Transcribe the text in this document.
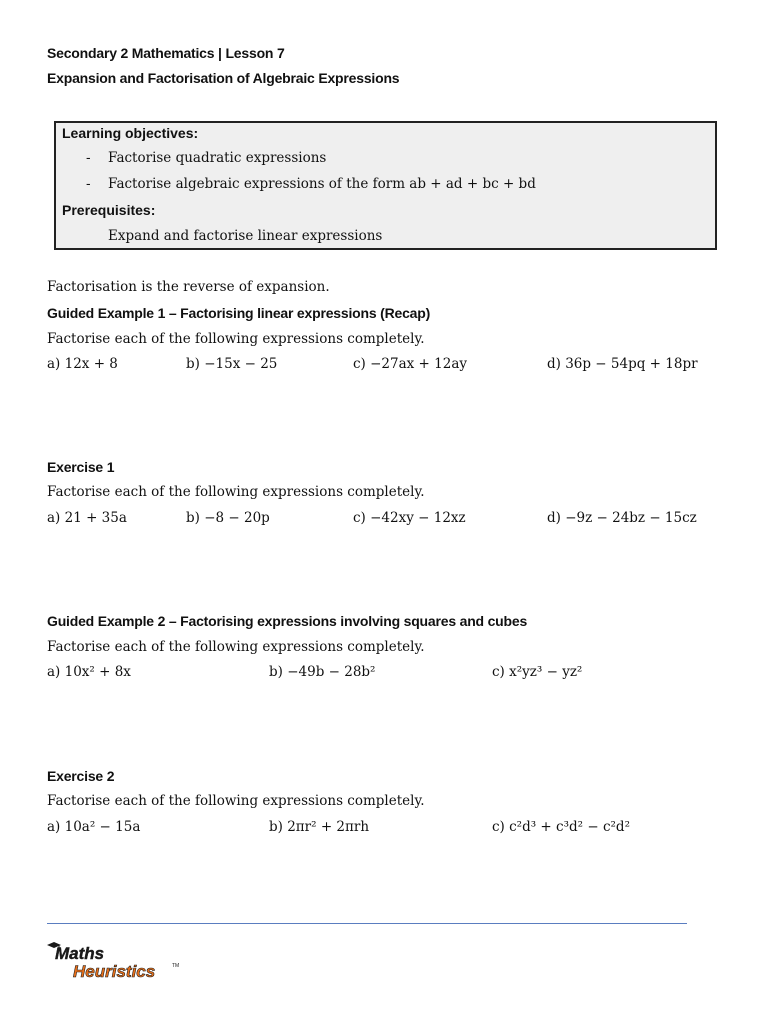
Secondary 2 Mathematics | Lesson 7
Expansion and Factorisation of Algebraic Expressions
Learning objectives:
- Factorise quadratic expressions
- Factorise algebraic expressions of the form ab + ad + bc + bd
Prerequisites:
Expand and factorise linear expressions
Factorisation is the reverse of expansion.
Guided Example 1 – Factorising linear expressions (Recap)
Factorise each of the following expressions completely.
a) 12x + 8	b) −15x − 25	c) −27ax + 12ay	d) 36p − 54pq + 18pr
Exercise 1
Factorise each of the following expressions completely.
a) 21 + 35a	b) −8 − 20p	c) −42xy − 12xz	d) −9z − 24bz − 15cz
Guided Example 2 – Factorising expressions involving squares and cubes
Factorise each of the following expressions completely.
a) 10x² + 8x	b) −49b − 28b²	c) x²yz³ − yz²
Exercise 2
Factorise each of the following expressions completely.
a) 10a² − 15a	b) 2πr² + 2πrh	c) c²d³ + c³d² − c²d²
Maths
Heuristics	TM
